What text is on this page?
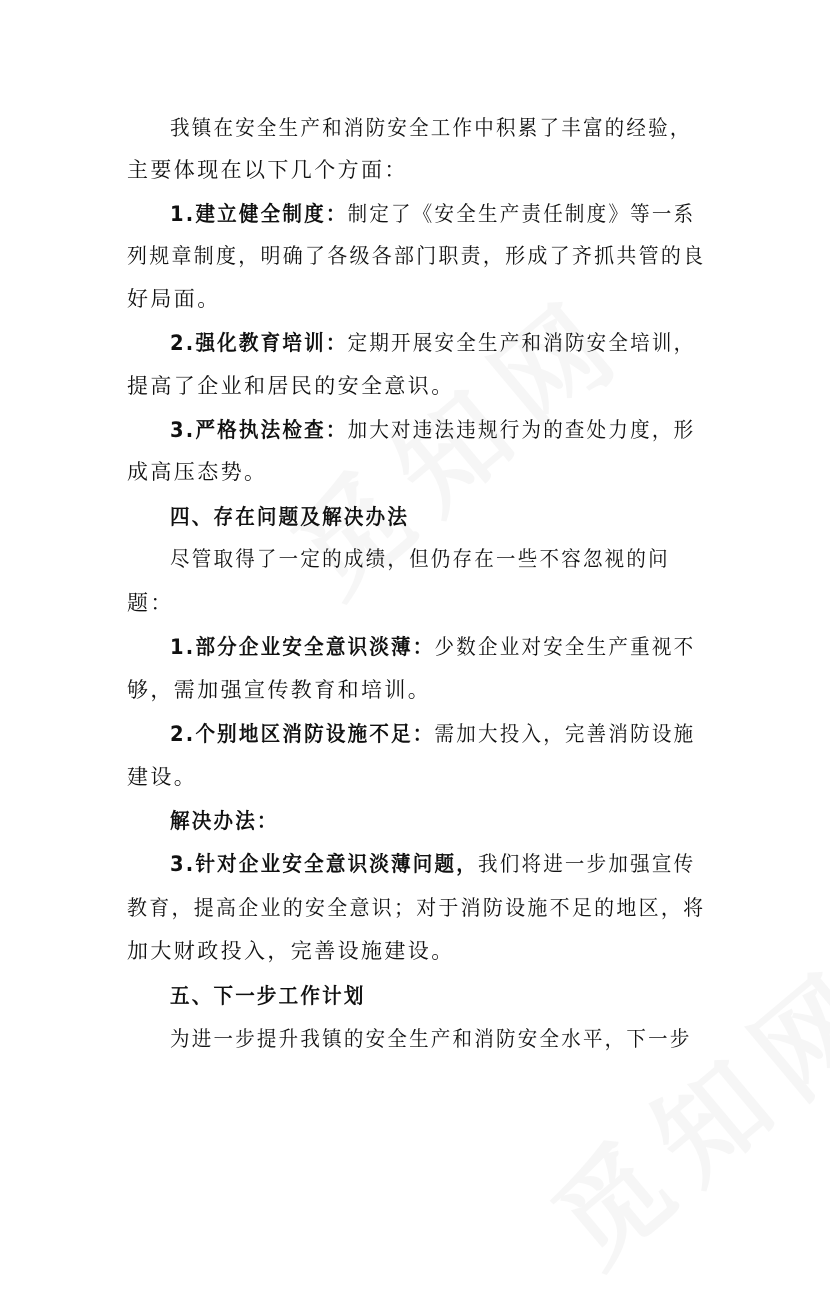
我镇在安全生产和消防安全工作中积累了丰富的经验，
主要体现在以下几个方面：
1.建立健全制度：制定了《安全生产责任制度》等一系
列规章制度，明确了各级各部门职责，形成了齐抓共管的良
好局面。
2.强化教育培训：定期开展安全生产和消防安全培训，
提高了企业和居民的安全意识。
3.严格执法检查：加大对违法违规行为的查处力度，形
成高压态势。
四、存在问题及解决办法
尽管取得了一定的成绩，但仍存在一些不容忽视的问
题：
1.部分企业安全意识淡薄：少数企业对安全生产重视不
够，需加强宣传教育和培训。
2.个别地区消防设施不足：需加大投入，完善消防设施
建设。
解决办法：
3.针对企业安全意识淡薄问题，我们将进一步加强宣传
教育，提高企业的安全意识；对于消防设施不足的地区，将
加大财政投入，完善设施建设。
五、下一步工作计划
为进一步提升我镇的安全生产和消防安全水平，下一步
